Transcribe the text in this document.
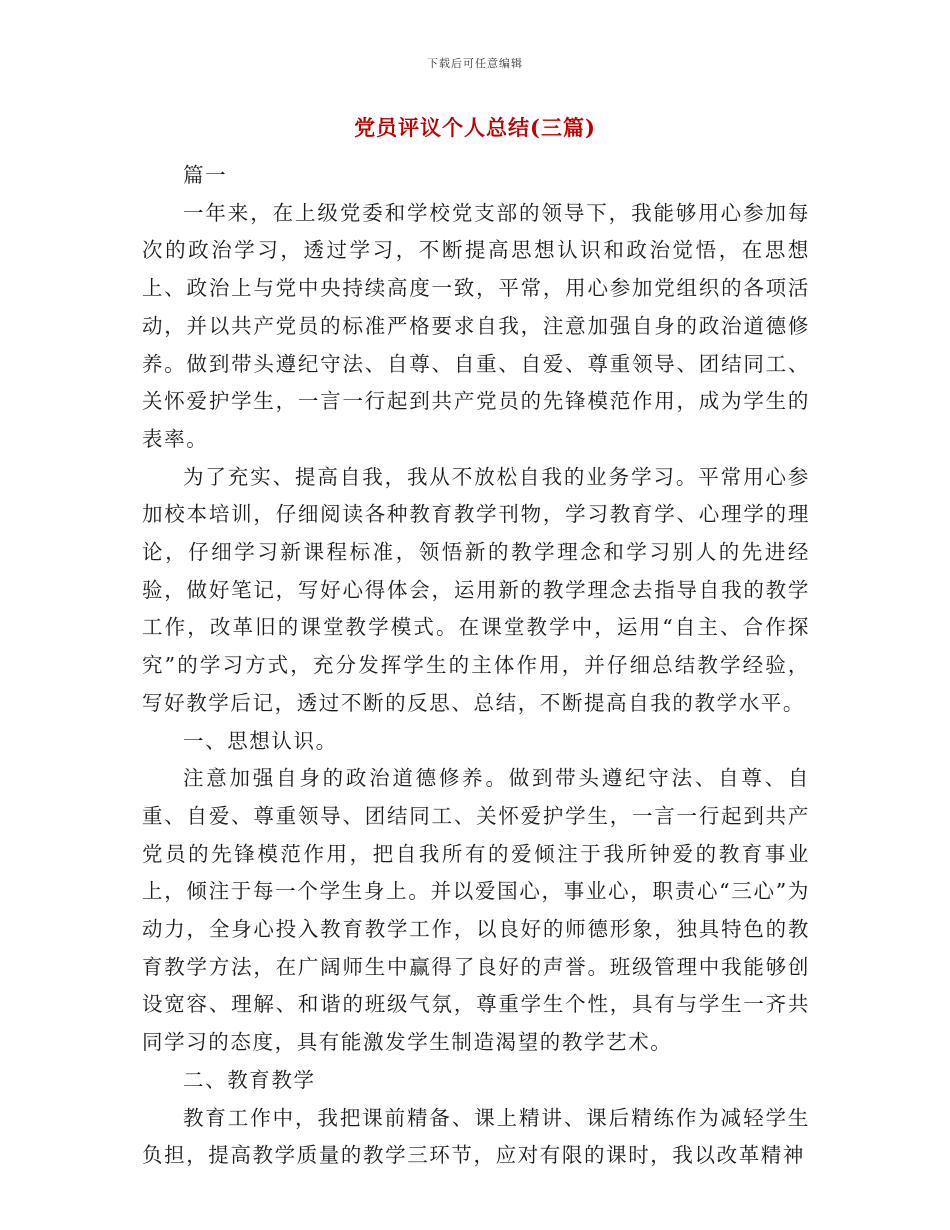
下载后可任意编辑
党员评议个人总结(三篇)

篇一

一年来，在上级党委和学校党支部的领导下，我能够用心参加每次的政治学习，透过学习，不断提高思想认识和政治觉悟，在思想上、政治上与党中央持续高度一致，平常，用心参加党组织的各项活动，并以共产党员的标准严格要求自我，注意加强自身的政治道德修养。做到带头遵纪守法、自尊、自重、自爱、尊重领导、团结同工、关怀爱护学生，一言一行起到共产党员的先锋模范作用，成为学生的表率。

为了充实、提高自我，我从不放松自我的业务学习。平常用心参加校本培训，仔细阅读各种教育教学刊物，学习教育学、心理学的理论，仔细学习新课程标准，领悟新的教学理念和学习别人的先进经验，做好笔记，写好心得体会，运用新的教学理念去指导自我的教学工作，改革旧的课堂教学模式。在课堂教学中，运用“自主、合作探究”的学习方式，充分发挥学生的主体作用，并仔细总结教学经验，写好教学后记，透过不断的反思、总结，不断提高自我的教学水平。

一、思想认识。

注意加强自身的政治道德修养。做到带头遵纪守法、自尊、自重、自爱、尊重领导、团结同工、关怀爱护学生，一言一行起到共产党员的先锋模范作用，把自我所有的爱倾注于我所钟爱的教育事业上，倾注于每一个学生身上。并以爱国心，事业心，职责心“三心”为动力，全身心投入教育教学工作，以良好的师德形象，独具特色的教育教学方法，在广阔师生中赢得了良好的声誉。班级管理中我能够创设宽容、理解、和谐的班级气氛，尊重学生个性，具有与学生一齐共同学习的态度，具有能激发学生制造渴望的教学艺术。

二、教育教学

教育工作中，我把课前精备、课上精讲、课后精练作为减轻学生负担，提高教学质量的教学三环节，应对有限的课时，我以改革精神
